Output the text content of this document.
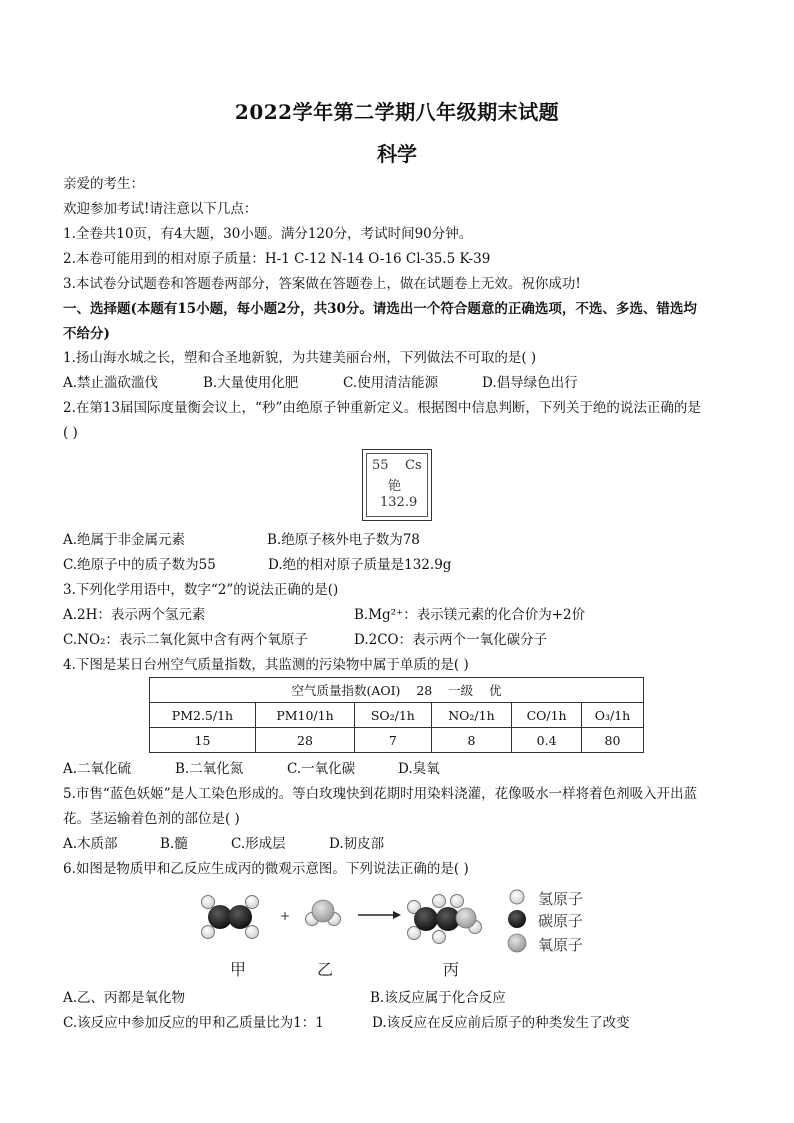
2022学年第二学期八年级期末试题
科学
亲爱的考生：
欢迎参加考试!请注意以下几点：
1.全卷共10页，有4大题，30小题。满分120分，考试时间90分钟。
2.本卷可能用到的相对原子质量：H-1 C-12 N-14 O-16 Cl-35.5 K-39
3.本试卷分试题卷和答题卷两部分，答案做在答题卷上，做在试题卷上无效。祝你成功!
一、选择题(本题有15小题，每小题2分，共30分。请选出一个符合题意的正确选项，不选、多选、错选均
不给分)
1.扬山海水城之长，塑和合圣地新貌，为共建美丽台州，下列做法不可取的是( )
A.禁止滥砍滥伐	B.大量使用化肥	C.使用清洁能源	D.倡导绿色出行
2.在第13届国际度量衡会议上，“秒”由绝原子钟重新定义。根据图中信息判断，下列关于绝的说法正确的是
( )
55 Cs
铯
132.9
A.绝属于非金属元素	B.绝原子核外电子数为78
C.绝原子中的质子数为55	D.绝的相对原子质量是132.9g
3.下列化学用语中，数字“2”的说法正确的是()
A.2H：表示两个氢元素	B.Mg²⁺：表示镁元素的化合价为+2价
C.NO₂：表示二氧化氮中含有两个氧原子	D.2CO：表示两个一氧化碳分子
4.下图是某日台州空气质量指数，其监测的污染物中属于单质的是( )
空气质量指数(AOI)    28    一级    优					
PM2.5/1h	PM10/1h	SO₂/1h	NO₂/1h	CO/1h	O₃/1h
15	28	7	8	0.4	80
A.二氧化硫	B.二氧化氮	C.一氧化碳	D.臭氧
5.市售“蓝色妖姬”是人工染色形成的。等白玫瑰快到花期时用染料浇灌，花像吸水一样将着色剂吸入开出蓝
花。茎运输着色剂的部位是( )
A.木质部	B.髓	C.形成层	D.韧皮部
6.如图是物质甲和乙反应生成丙的微观示意图。下列说法正确的是( )
+
氢原子
碳原子
氧原子
甲	乙	丙
A.乙、丙都是氧化物	B.该反应属于化合反应
C.该反应中参加反应的甲和乙质量比为1：1	D.该反应在反应前后原子的种类发生了改变
